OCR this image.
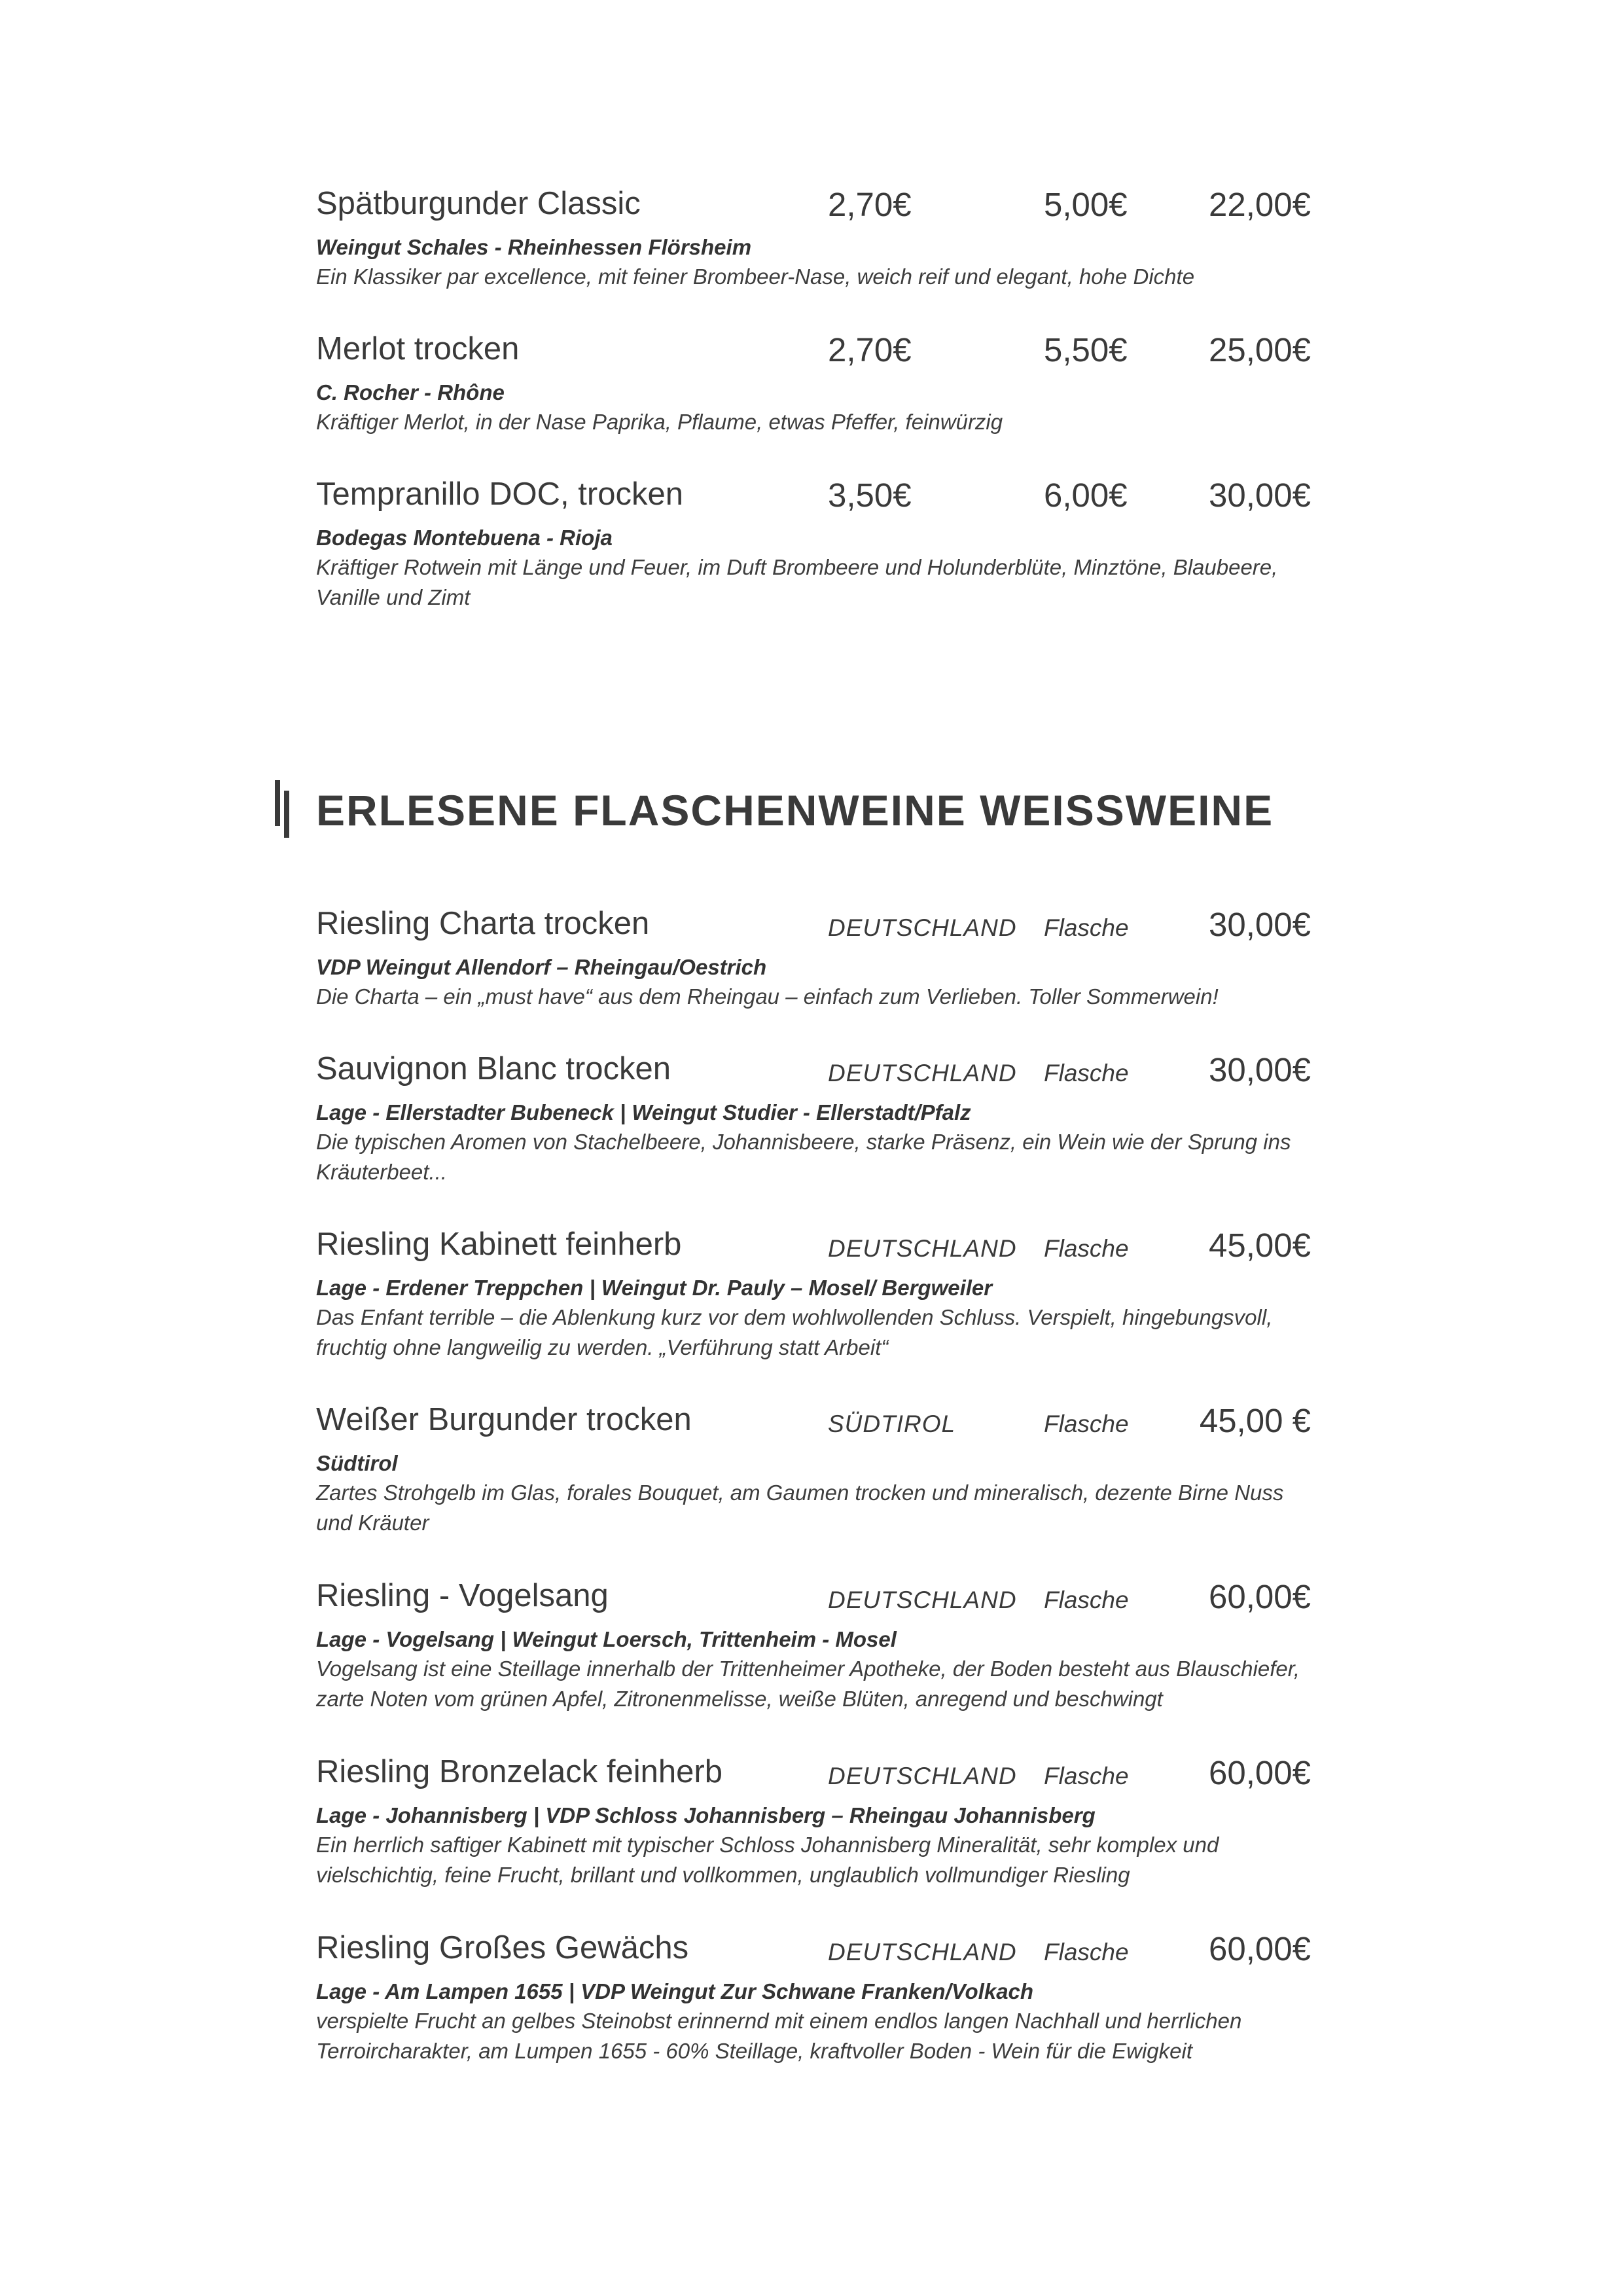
Spätburgunder Classic	2,70€	5,00€ 22,00€
Weingut Schales - Rheinhessen Flörsheim
Ein Klassiker par excellence, mit feiner Brombeer-Nase, weich reif und elegant, hohe Dichte
Merlot trocken	2,70€	5,50€ 25,00€
C. Rocher - Rhône
Kräftiger Merlot, in der Nase Paprika, Pflaume, etwas Pfeffer, feinwürzig
Tempranillo DOC, trocken	3,50€	6,00€ 30,00€
Bodegas Montebuena - Rioja
Kräftiger Rotwein mit Länge und Feuer, im Duft Brombeere und Holunderblüte, Minztöne, Blaubeere, Vanille und Zimt
ERLESENE FLASCHENWEINE WEISSWEINE
Riesling Charta trocken	DEUTSCHLAND Flasche 30,00€
VDP Weingut Allendorf – Rheingau/Oestrich
Die Charta – ein „must have“ aus dem Rheingau – einfach zum Verlieben. Toller Sommerwein!
Sauvignon Blanc trocken	DEUTSCHLAND Flasche 30,00€
Lage - Ellerstadter Bubeneck | Weingut Studier - Ellerstadt/Pfalz
Die typischen Aromen von Stachelbeere, Johannisbeere, starke Präsenz, ein Wein wie der Sprung ins Kräuterbeet...
Riesling Kabinett feinherb	DEUTSCHLAND Flasche 45,00€
Lage - Erdener Treppchen | Weingut Dr. Pauly – Mosel/ Bergweiler
Das Enfant terrible – die Ablenkung kurz vor dem wohlwollenden Schluss. Verspielt, hingebungsvoll, fruchtig ohne langweilig zu werden. „Verführung statt Arbeit“
Weißer Burgunder trocken	SÜDTIROL	Flasche 45,00 €
Südtirol
Zartes Strohgelb im Glas, forales Bouquet, am Gaumen trocken und mineralisch, dezente Birne Nuss und Kräuter
Riesling - Vogelsang	DEUTSCHLAND Flasche 60,00€
Lage - Vogelsang | Weingut Loersch, Trittenheim - Mosel
Vogelsang ist eine Steillage innerhalb der Trittenheimer Apotheke, der Boden besteht aus Blauschiefer, zarte Noten vom grünen Apfel, Zitronenmelisse, weiße Blüten, anregend und beschwingt
Riesling Bronzelack feinherb	DEUTSCHLAND Flasche 60,00€
Lage - Johannisberg | VDP Schloss Johannisberg – Rheingau Johannisberg
Ein herrlich saftiger Kabinett mit typischer Schloss Johannisberg Mineralität, sehr komplex und vielschichtig, feine Frucht, brillant und vollkommen, unglaublich vollmundiger Riesling
Riesling Großes Gewächs	DEUTSCHLAND Flasche 60,00€
Lage - Am Lampen 1655 | VDP Weingut Zur Schwane Franken/Volkach
verspielte Frucht an gelbes Steinobst erinnernd mit einem endlos langen Nachhall und herrlichen Terroircharakter, am Lumpen 1655 - 60% Steillage, kraftvoller Boden - Wein für die Ewigkeit
